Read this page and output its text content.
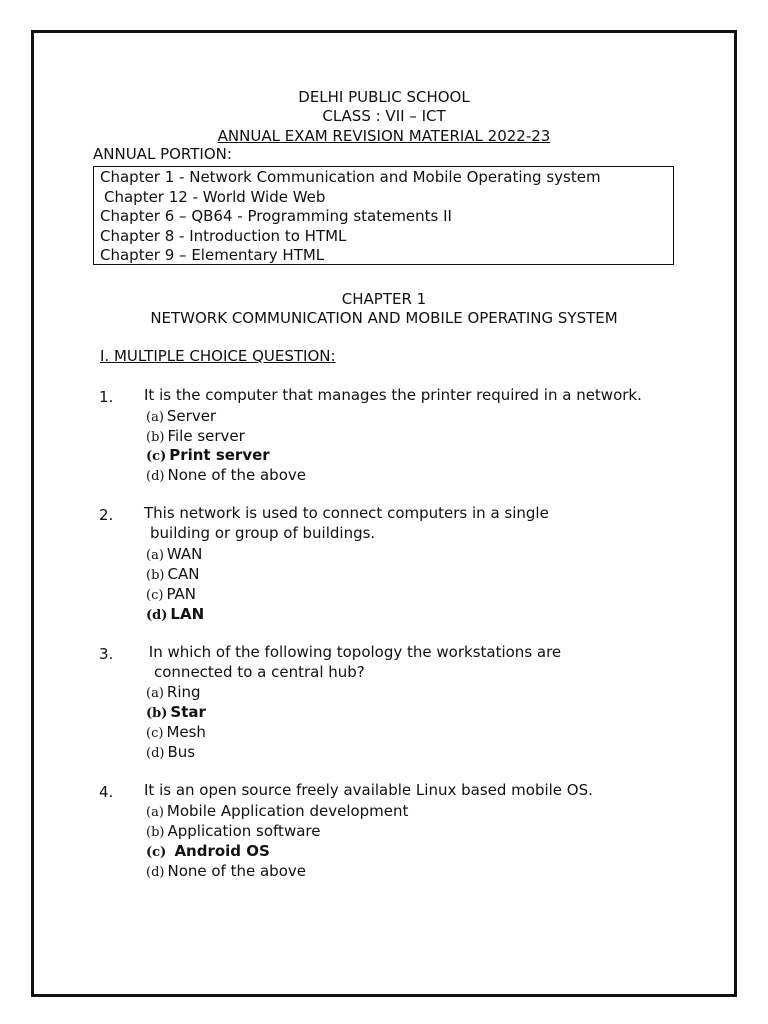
DELHI PUBLIC SCHOOL
CLASS : VII – ICT
ANNUAL EXAM REVISION MATERIAL 2022-23
ANNUAL PORTION:
Chapter 1 - Network Communication and Mobile Operating system
Chapter 12 - World Wide Web
Chapter 6 – QB64 - Programming statements II
Chapter 8 - Introduction to HTML
Chapter 9 – Elementary HTML
CHAPTER 1
NETWORK COMMUNICATION AND MOBILE OPERATING SYSTEM
I. MULTIPLE CHOICE QUESTION:
1. It is the computer that manages the printer required in a network.
(a) Server
(b) File server
(c) Print server
(d) None of the above
2. This network is used to connect computers in a single
building or group of buildings.
(a) WAN
(b) CAN
(c) PAN
(d) LAN
3. In which of the following topology the workstations are
connected to a central hub?
(a) Ring
(b) Star
(c) Mesh
(d) Bus
4. It is an open source freely available Linux based mobile OS.
(a) Mobile Application development
(b) Application software
(c) Android OS
(d) None of the above
